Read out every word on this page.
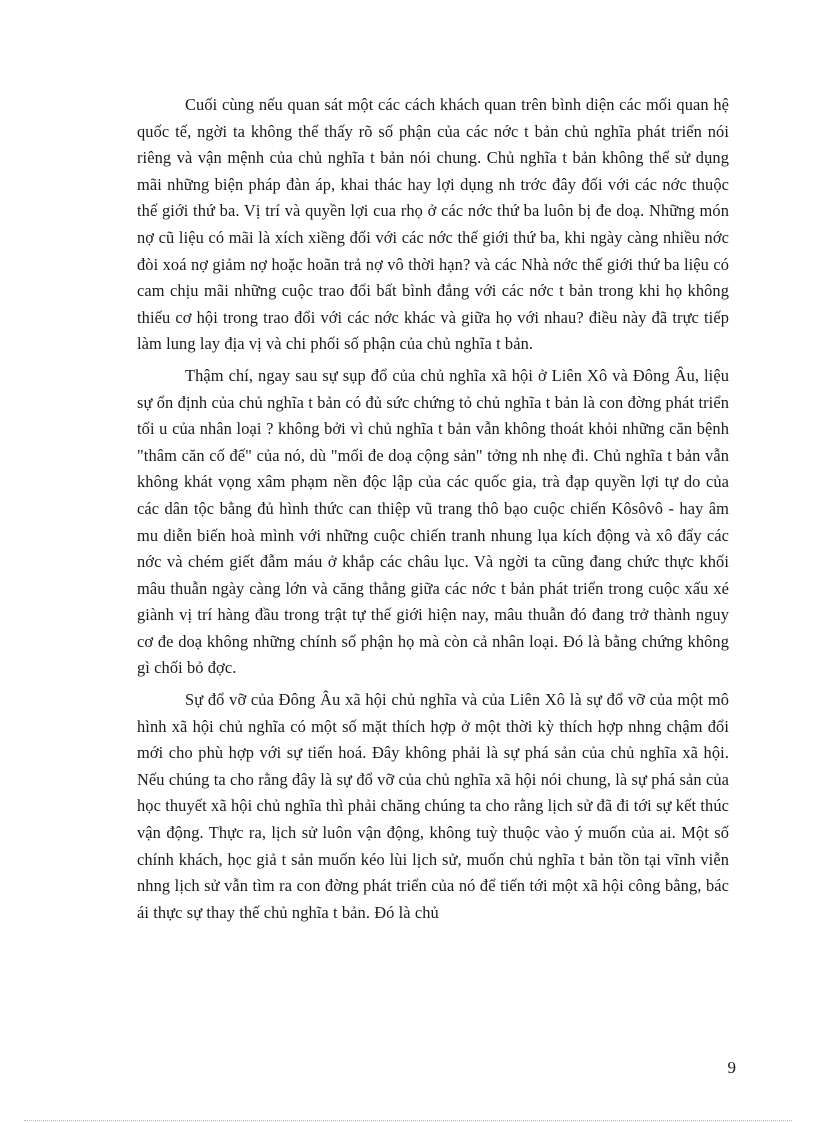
Cuối cùng nếu quan sát một các cách khách quan trên bình diện các mối quan hệ quốc tế, ngời ta không thể thấy rõ số phận của các nớc t bản chủ nghĩa phát triển nói riêng và vận mệnh của chủ nghĩa t bản nói chung. Chủ nghĩa t bản không thể sử dụng mãi những biện pháp đàn áp, khai thác hay lợi dụng nh trớc đây đối với các nớc thuộc thế giới thứ ba. Vị trí và quyền lợi cua rhọ ở các nớc thứ ba luôn bị đe doạ. Những món nợ cũ liệu có mãi là xích xiềng đối với các nớc thế giới thứ ba, khi ngày càng nhiều nớc đòi xoá nợ giảm nợ hoặc hoãn trả nợ vô thời hạn? và các Nhà nớc thế giới thứ ba liệu có cam chịu mãi những cuộc trao đổi bất bình đẳng với các nớc t bản trong khi họ không thiếu cơ hội trong trao đổi với các nớc khác và giữa họ với nhau? điều này đã trực tiếp làm lung lay địa vị và chi phối số phận của chủ nghĩa t bản.

Thậm chí, ngay sau sự sụp đổ của chủ nghĩa xã hội ở Liên Xô và Đông Âu, liệu sự ổn định của chủ nghĩa t bản có đủ sức chứng tỏ chủ nghĩa t bản là con đờng phát triển tối u của nhân loại ? không bởi vì chủ nghĩa t bản vẫn không thoát khỏi những căn bệnh "thâm căn cố đế" của nó, dù "mối đe doạ cộng sản" tởng nh nhẹ đi. Chủ nghĩa t bản vẫn không khát vọng xâm phạm nền độc lập của các quốc gia, trà đạp quyền lợi tự do của các dân tộc bằng đủ hình thức can thiệp vũ trang thô bạo cuộc chiến Kôsôvô - hay âm mu diễn biến hoà mình với những cuộc chiến tranh nhung lụa kích động và xô đẩy các nớc và chém giết đẫm máu ở khắp các châu lục. Và ngời ta cũng đang chức thực khối mâu thuẫn ngày càng lớn và căng thẳng giữa các nớc t bản phát triển trong cuộc xấu xé giành vị trí hàng đầu trong trật tự thế giới hiện nay, mâu thuẫn đó đang trở thành nguy cơ đe doạ không những chính số phận họ mà còn cả nhân loại. Đó là bằng chứng không gì chối bỏ đợc.

Sự đổ vỡ của Đông Âu xã hội chủ nghĩa và của Liên Xô là sự đổ vỡ của một mô hình xã hội chủ nghĩa có một số mặt thích hợp ở một thời kỳ thích hợp nhng chậm đổi mới cho phù hợp với sự tiến hoá. Đây không phải là sự phá sản của chủ nghĩa xã hội. Nếu chúng ta cho rằng đây là sự đổ vỡ của chủ nghĩa xã hội nói chung, là sự phá sản của học thuyết xã hội chủ nghĩa thì phải chăng chúng ta cho rằng lịch sử đã đi tới sự kết thúc vận động. Thực ra, lịch sử luôn vận động, không tuỳ thuộc vào ý muốn của ai. Một số chính khách, học giả t sản muốn kéo lùi lịch sử, muốn chủ nghĩa t bản tồn tại vĩnh viễn nhng lịch sử vẫn tìm ra con đờng phát triển của nó để tiến tới một xã hội công bằng, bác ái thực sự thay thế chủ nghĩa t bản. Đó là chủ

9
